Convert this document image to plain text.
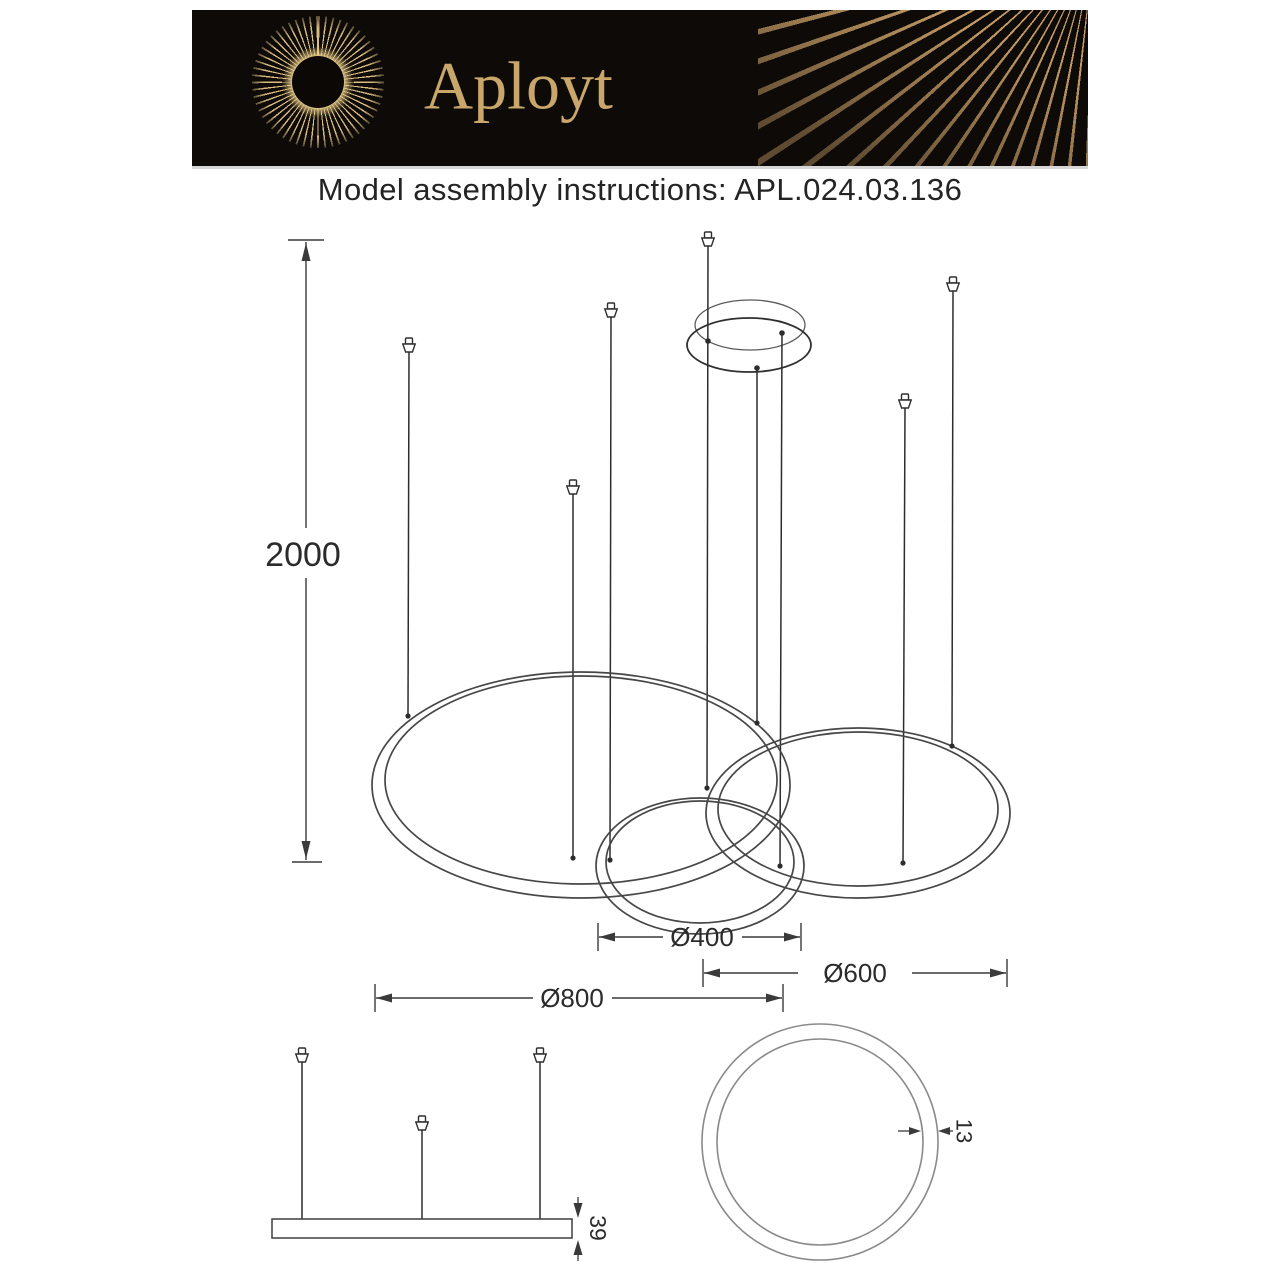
Aployt
Model assembly instructions: APL.024.03.136
2000
Ø400
Ø600
Ø800
39
13
